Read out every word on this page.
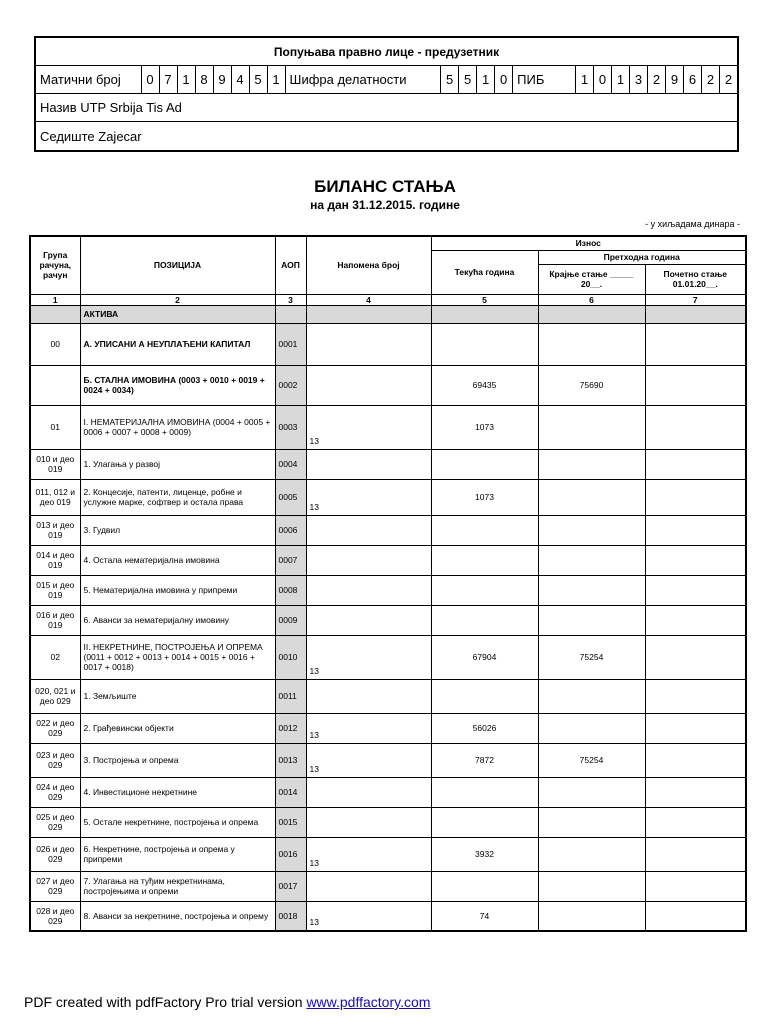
Попуњава правно лице - предузетник
Матични број	0 7 1 8 9 4 5 1 Шифра делатности	5 5 1 0 ПИБ	1 0 1 3 2 9 6 2 2
Назив UTP Srbija Tis Ad
Седиште Zajecar
БИЛАНС СТАЊА
на дан 31.12.2015. године
- у хиљадама динара -
Група рачуна, рачун	ПОЗИЦИЈА	АОП	Напомена број	Износ		
				Текућа година	Претходна година	
					Крајње стање _____ 20__.	Почетно стање 01.01.20__.
1	2	3	4	5	6	7
	АКТИВА					
00	А. УПИСАНИ А НЕУПЛАЋЕНИ КАПИТАЛ	0001				
	Б. СТАЛНА ИМОВИНА (0003 + 0010 + 0019 + 0024 + 0034)	0002		69435	75690	
01	I. НЕМАТЕРИЈАЛНА ИМОВИНА (0004 + 0005 + 0006 + 0007 + 0008 + 0009)	0003	13	1073		
010 и део 019	1. Улагања у развој	0004				
011, 012 и део 019	2. Концесије, патенти, лиценце, робне и услужне марке, софтвер и остала права	0005	13	1073		
013 и део 019	3. Гудвил	0006				
014 и део 019	4. Остала нематеријална имовина	0007				
015 и део 019	5. Нематеријална имовина у припреми	0008				
016 и део 019	6. Аванси за нематеријалну имовину	0009				
02	II. НЕКРЕТНИНЕ, ПОСТРОЈЕЊА И ОПРЕМА (0011 + 0012 + 0013 + 0014 + 0015 + 0016 + 0017 + 0018)	0010	13	67904	75254	
020, 021 и део 029	1. Земљиште	0011				
022 и део 029	2. Грађевински објекти	0012	13	56026		
023 и део 029	3. Постројења и опрема	0013	13	7872	75254	
024 и део 029	4. Инвестиционе некретнине	0014				
025 и део 029	5. Остале некретнине, постројења и опрема	0015				
026 и део 029	6. Некретнине, постројења и опрема у припреми	0016	13	3932		
027 и део 029	7. Улагања на туђим некретнинама, постројењима и опреми	0017				
028 и део 029	8. Аванси за некретнине, постројења и опрему	0018	13	74		
PDF created with pdfFactory Pro trial version www.pdffactory.com
